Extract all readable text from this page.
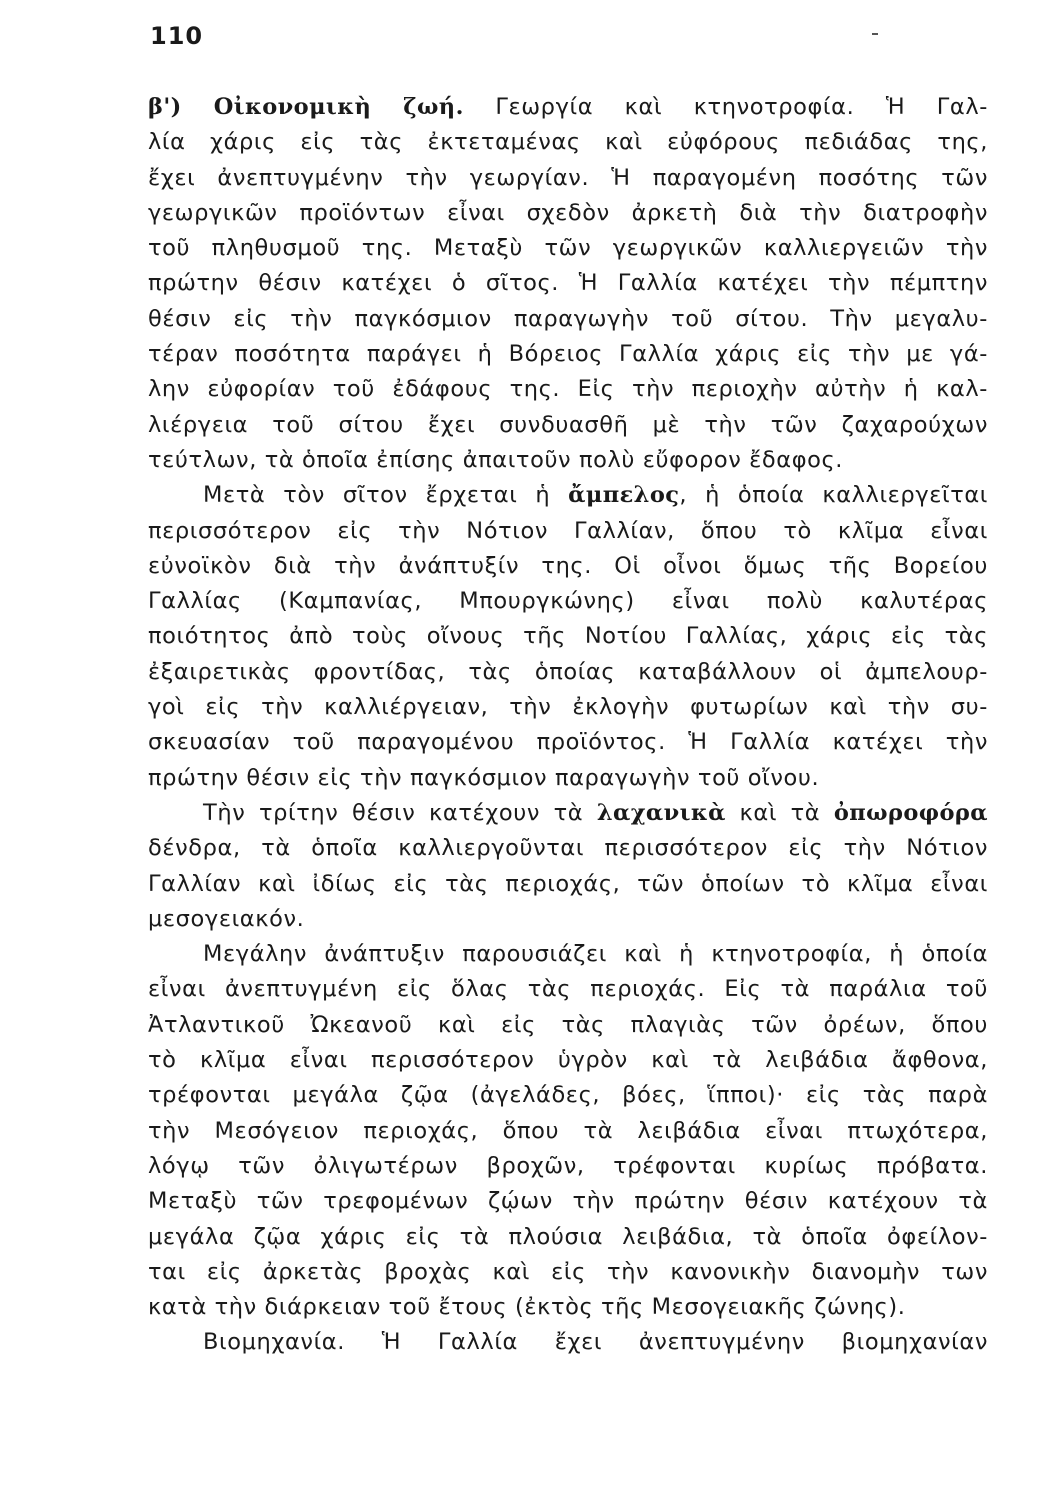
110
β') Οἰκονομικὴ ζωή. Γεωργία καὶ κτηνοτροφία. Ἡ Γαλ-
λία χάρις εἰς τὰς ἐκτεταμένας καὶ εὐφόρους πεδιάδας της,
ἔχει ἀνεπτυγμένην τὴν γεωργίαν. Ἡ παραγομένη ποσότης τῶν
γεωργικῶν προϊόντων εἶναι σχεδὸν ἀρκετὴ διὰ τὴν διατροφὴν
τοῦ πληθυσμοῦ της. Μεταξὺ τῶν γεωργικῶν καλλιεργειῶν τὴν
πρώτην θέσιν κατέχει ὁ σῖτος. Ἡ Γαλλία κατέχει τὴν πέμπτην
θέσιν εἰς τὴν παγκόσμιον παραγωγὴν τοῦ σίτου. Τὴν μεγαλυ-
τέραν ποσότητα παράγει ἡ Βόρειος Γαλλία χάρις εἰς τὴν με γά-
λην εὐφορίαν τοῦ ἐδάφους της. Εἰς τὴν περιοχὴν αὐτὴν ἡ καλ-
λιέργεια τοῦ σίτου ἔχει συνδυασθῆ μὲ τὴν τῶν ζαχαρούχων
τεύτλων, τὰ ὁποῖα ἐπίσης ἀπαιτοῦν πολὺ εὔφορον ἔδαφος.
Μετὰ τὸν σῖτον ἔρχεται ἡ ἄμπελος, ἡ ὁποία καλλιεργεῖται
περισσότερον εἰς τὴν Νότιον Γαλλίαν, ὅπου τὸ κλῖμα εἶναι
εὐνοϊκὸν διὰ τὴν ἀνάπτυξίν της. Οἱ οἶνοι ὅμως τῆς Βορείου
Γαλλίας (Καμπανίας, Μπουργκώνης) εἶναι πολὺ καλυτέρας
ποιότητος ἀπὸ τοὺς οἴνους τῆς Νοτίου Γαλλίας, χάρις εἰς τὰς
ἐξαιρετικὰς φροντίδας, τὰς ὁποίας καταβάλλουν οἱ ἀμπελουρ-
γοὶ εἰς τὴν καλλιέργειαν, τὴν ἐκλογὴν φυτωρίων καὶ τὴν συ-
σκευασίαν τοῦ παραγομένου προϊόντος. Ἡ Γαλλία κατέχει τὴν
πρώτην θέσιν εἰς τὴν παγκόσμιον παραγωγὴν τοῦ οἴνου.
Τὴν τρίτην θέσιν κατέχουν τὰ λαχανικὰ καὶ τὰ ὀπωροφόρα
δένδρα, τὰ ὁποῖα καλλιεργοῦνται περισσότερον εἰς τὴν Νότιον
Γαλλίαν καὶ ἰδίως εἰς τὰς περιοχάς, τῶν ὁποίων τὸ κλῖμα εἶναι
μεσογειακόν.
Μεγάλην ἀνάπτυξιν παρουσιάζει καὶ ἡ κτηνοτροφία, ἡ ὁποία
εἶναι ἀνεπτυγμένη εἰς ὅλας τὰς περιοχάς. Εἰς τὰ παράλια τοῦ
Ἀτλαντικοῦ Ὠκεανοῦ καὶ εἰς τὰς πλαγιὰς τῶν ὀρέων, ὅπου
τὸ κλῖμα εἶναι περισσότερον ὑγρὸν καὶ τὰ λειβάδια ἄφθονα,
τρέφονται μεγάλα ζῷα (ἀγελάδες, βόες, ἵπποι)· εἰς τὰς παρὰ
τὴν Μεσόγειον περιοχάς, ὅπου τὰ λειβάδια εἶναι πτωχότερα,
λόγῳ τῶν ὀλιγωτέρων βροχῶν, τρέφονται κυρίως πρόβατα.
Μεταξὺ τῶν τρεφομένων ζῴων τὴν πρώτην θέσιν κατέχουν τὰ
μεγάλα ζῷα χάρις εἰς τὰ πλούσια λειβάδια, τὰ ὁποῖα ὀφείλον-
ται εἰς ἀρκετὰς βροχὰς καὶ εἰς τὴν κανονικὴν διανομὴν των
κατὰ τὴν διάρκειαν τοῦ ἔτους (ἐκτὸς τῆς Μεσογειακῆς ζώνης).
Βιομηχανία. Ἡ Γαλλία ἔχει ἀνεπτυγμένην βιομηχανίαν
